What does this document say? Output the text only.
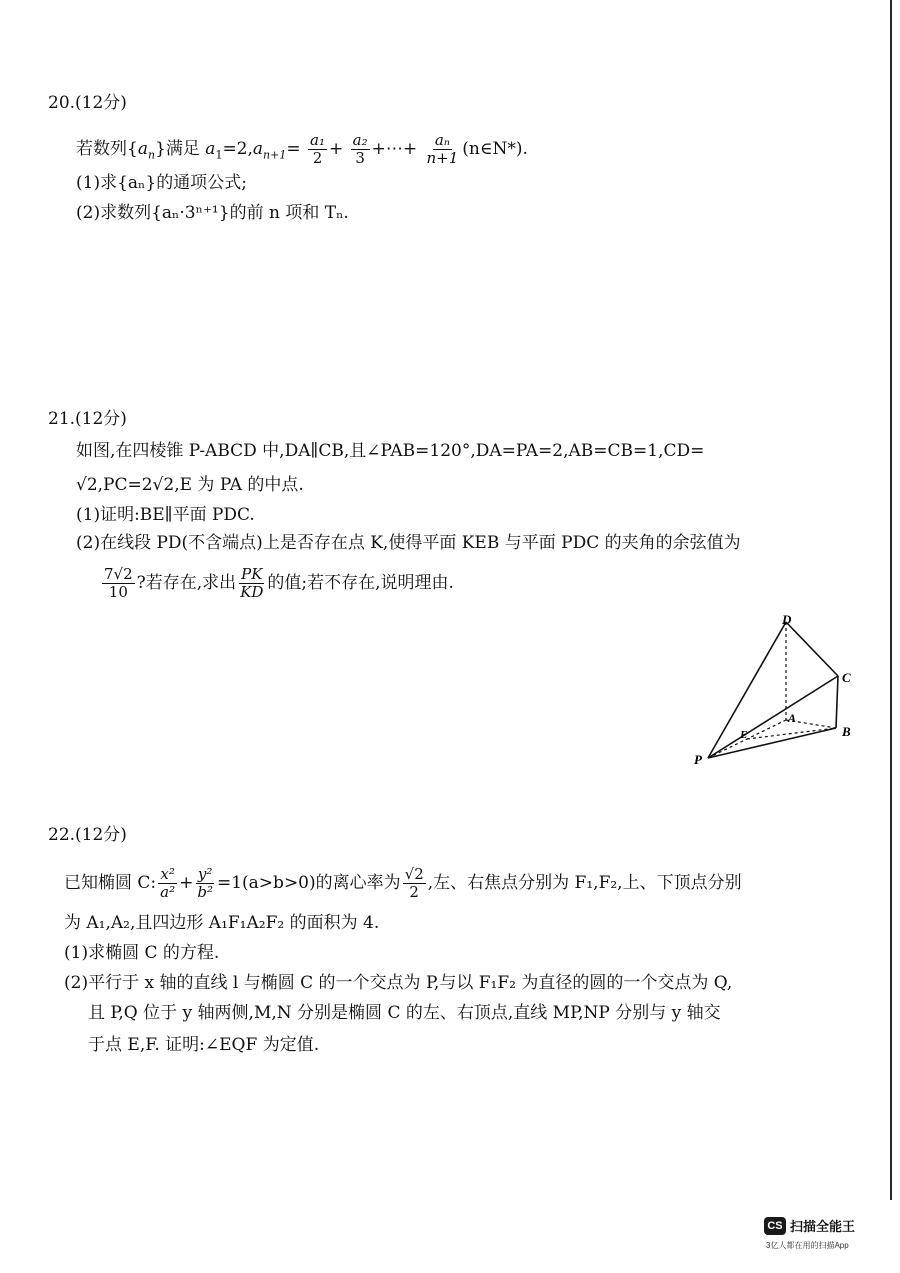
20.(12分)
若数列$\{a_n\}$满足 $a_1=2,a_{n+1}= \frac{\text{a₁}}{2} + \frac{\text{a₂}}{3}$ +⋯+ $\frac{\text{aₙ}}{n+1}$ (n∈N*).
(1)求{aₙ}的通项公式;
(2)求数列{aₙ·3ⁿ⁺¹}的前 n 项和 Tₙ.
21.(12分)
如图,在四棱锥 P-ABCD 中,DA∥CB,且∠PAB=120°,DA=PA=2,AB=CB=1,CD=
√2,PC=2√2,E 为 PA 的中点.
(1)证明:BE∥平面 PDC.
(2)在线段 PD(不含端点)上是否存在点 K,使得平面 KEB 与平面 PDC 的夹角的余弦值为
$\frac{7√2}{10}$ ?若存在,求出 $\frac{PK}{KD}$ 的值;若不存在,说明理由.
D
C
A
B
E
P
22.(12分)
已知椭圆 C: $\frac{\text{x²}}{\text{a²}} + \frac{\text{y²}}{\text{b²}} =1(a>b>0)$的离心率为 $\frac{√2}{2}$ ,左、右焦点分别为 F₁,F₂,上、下顶点分别
为 A₁,A₂,且四边形 A₁F₁A₂F₂ 的面积为 4.
(1)求椭圆 C 的方程.
(2)平行于 x 轴的直线 l 与椭圆 C 的一个交点为 P,与以 F₁F₂ 为直径的圆的一个交点为 Q,
且 P,Q 位于 y 轴两侧,M,N 分别是椭圆 C 的左、右顶点,直线 MP,NP 分别与 y 轴交
于点 E,F. 证明:∠EQF 为定值.
CS 扫描全能王
3亿人都在用的扫描App
